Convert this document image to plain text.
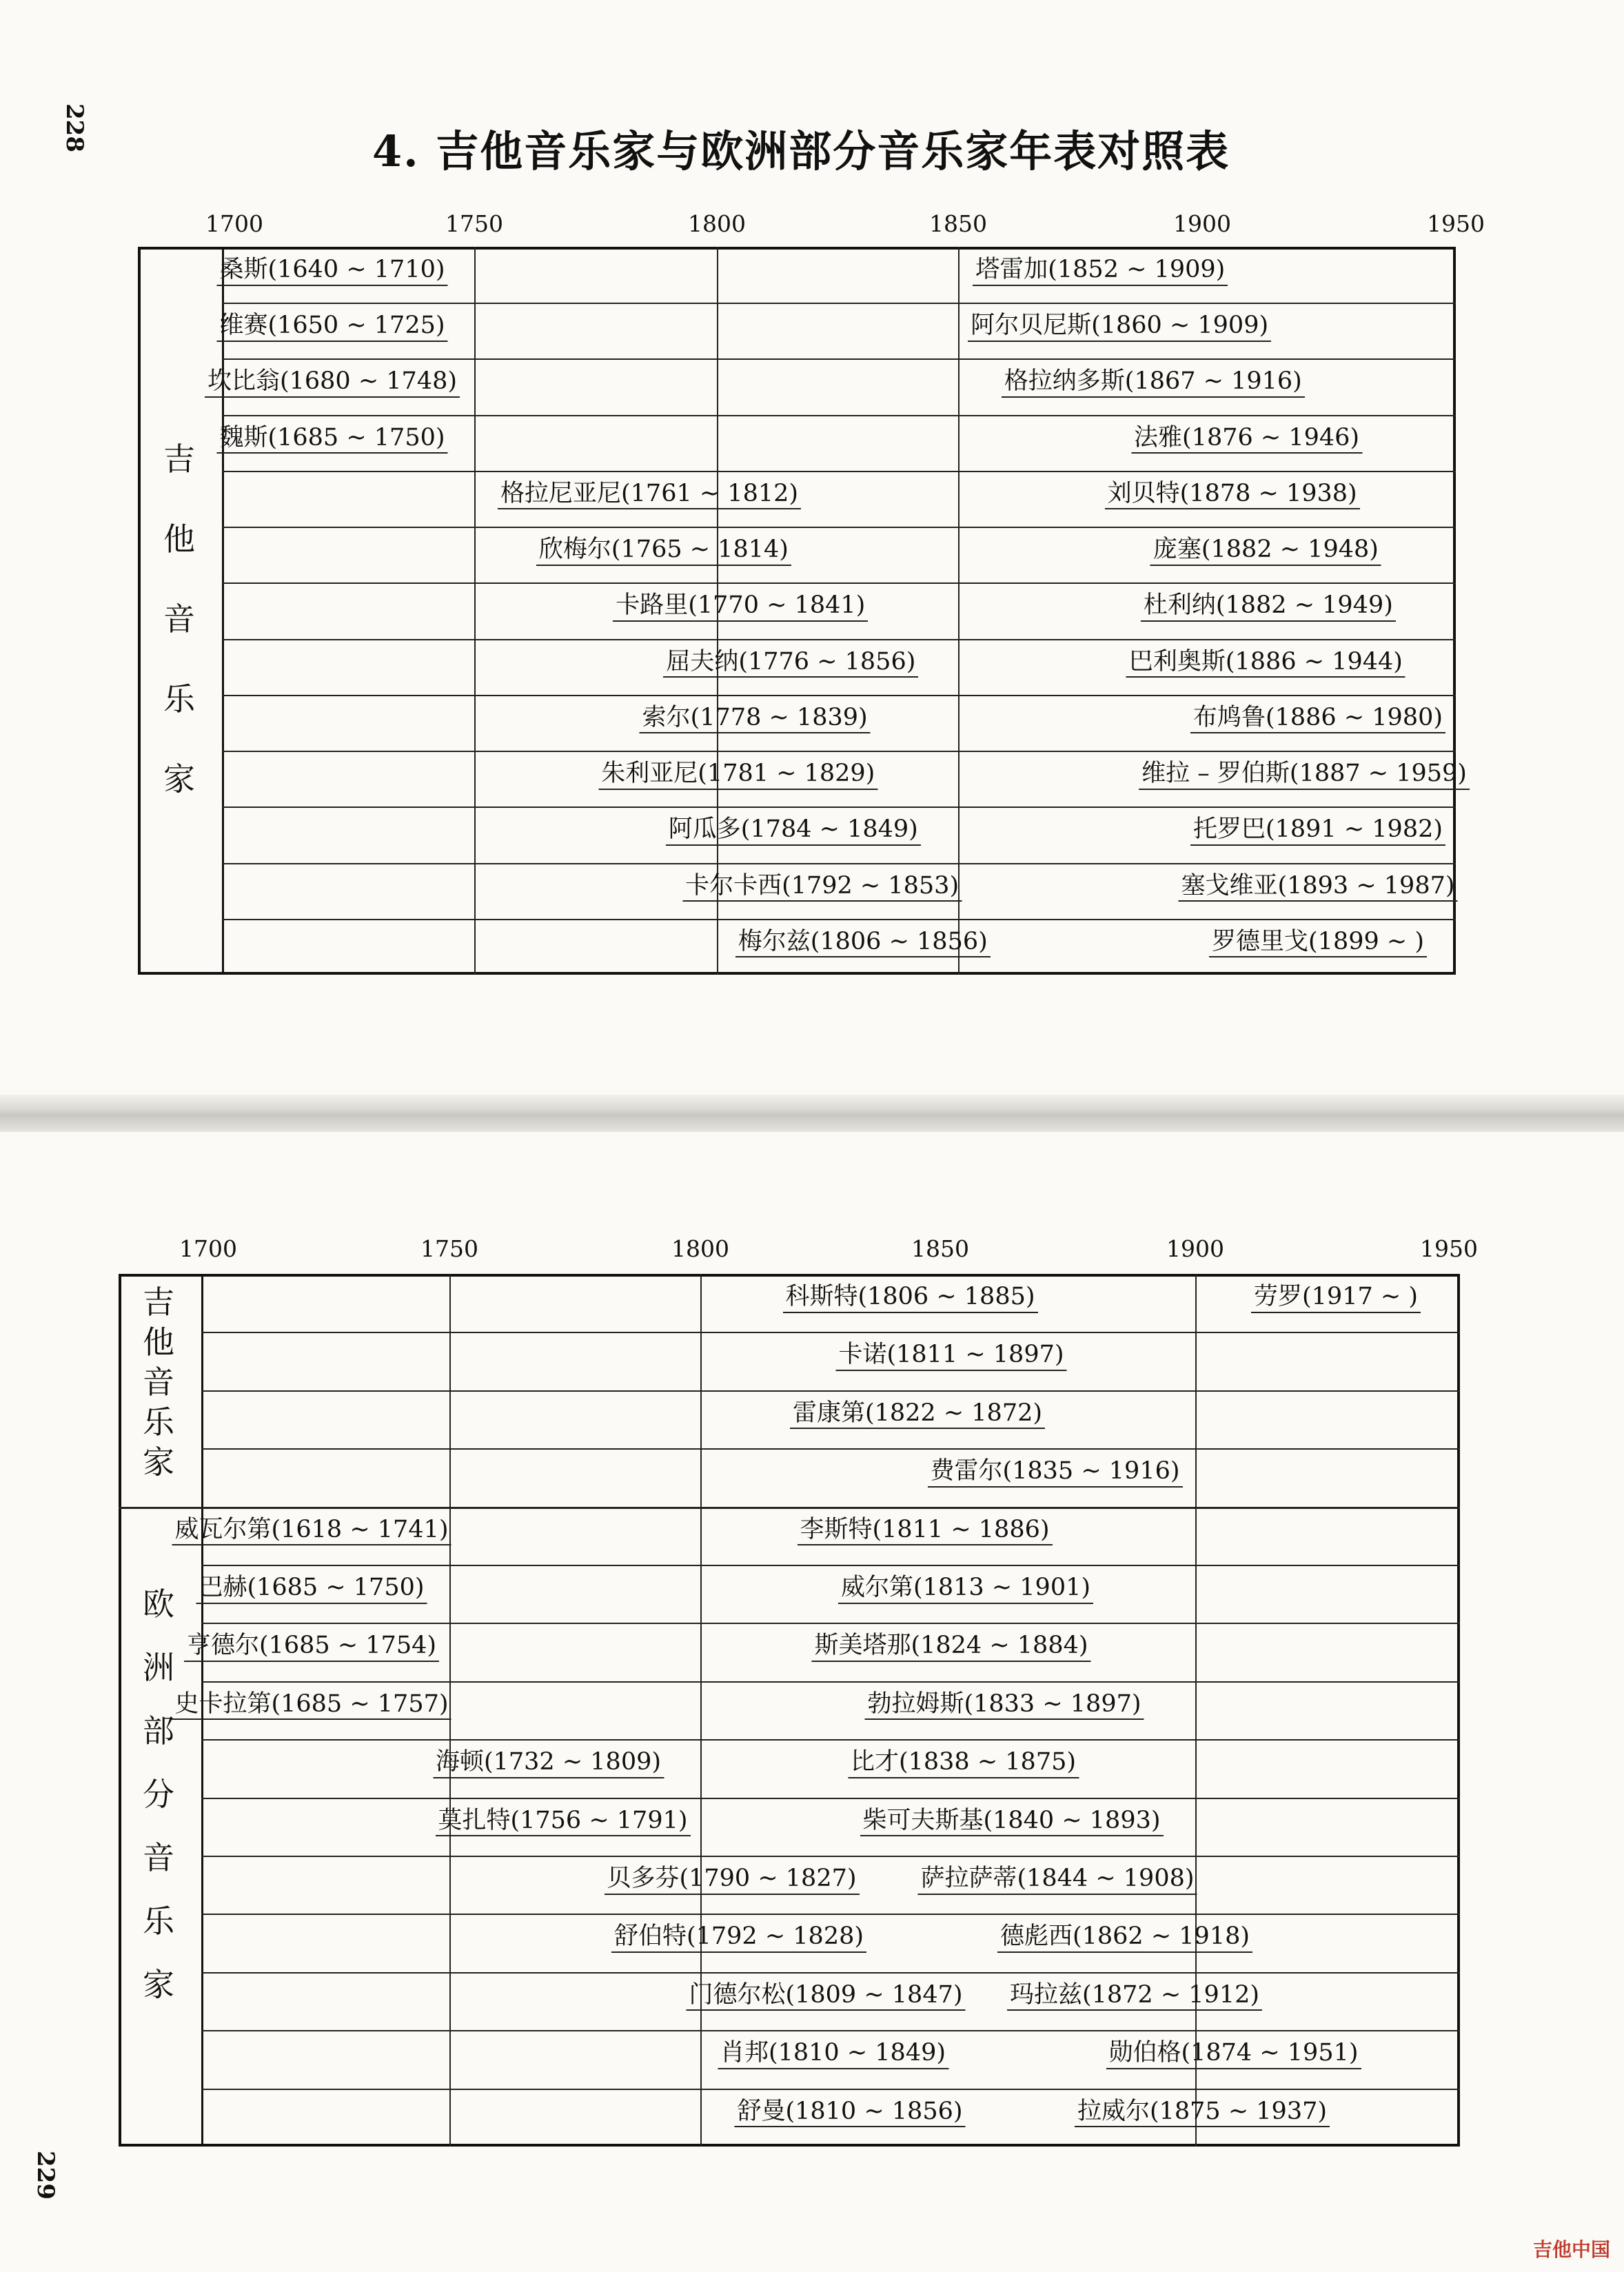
228	4. 吉他音乐家与欧洲部分音乐家年表对照表
1700	1750	1800	1850	1900	1950
吉
他
音
乐
家
桑斯(1640 ~ 1710)	塔雷加(1852 ~ 1909)
维赛(1650 ~ 1725)	阿尔贝尼斯(1860 ~ 1909)
坎比翁(1680 ~ 1748)	格拉纳多斯(1867 ~ 1916)
魏斯(1685 ~ 1750)	法雅(1876 ~ 1946)
格拉尼亚尼(1761 ~ 1812)	刘贝特(1878 ~ 1938)
欣梅尔(1765 ~ 1814)	庞塞(1882 ~ 1948)
卡路里(1770 ~ 1841)	杜利纳(1882 ~ 1949)
屈夫纳(1776 ~ 1856)	巴利奥斯(1886 ~ 1944)
索尔(1778 ~ 1839)	布鸠鲁(1886 ~ 1980)
朱利亚尼(1781 ~ 1829)	维拉 – 罗伯斯(1887 ~ 1959)
阿瓜多(1784 ~ 1849)	托罗巴(1891 ~ 1982)
卡尔卡西(1792 ~ 1853)	塞戈维亚(1893 ~ 1987)
梅尔兹(1806 ~ 1856)	罗德里戈(1899 ~ )
1700	1750	1800	1850	1900	1950
吉
他
音
乐
家
欧
洲
部
分
音
乐
家
科斯特(1806 ~ 1885)	劳罗(1917 ~ )
卡诺(1811 ~ 1897)
雷康第(1822 ~ 1872)
费雷尔(1835 ~ 1916)
威瓦尔第(1618 ~ 1741)	李斯特(1811 ~ 1886)
巴赫(1685 ~ 1750)	威尔第(1813 ~ 1901)
亨德尔(1685 ~ 1754)	斯美塔那(1824 ~ 1884)
史卡拉第(1685 ~ 1757)	勃拉姆斯(1833 ~ 1897)
海顿(1732 ~ 1809)	比才(1838 ~ 1875)
莫扎特(1756 ~ 1791)	柴可夫斯基(1840 ~ 1893)
贝多芬(1790 ~ 1827)	萨拉萨蒂(1844 ~ 1908)
舒伯特(1792 ~ 1828)	德彪西(1862 ~ 1918)
门德尔松(1809 ~ 1847) 玛拉兹(1872 ~ 1912)
肖邦(1810 ~ 1849)	勋伯格(1874 ~ 1951)
舒曼(1810 ~ 1856)	拉威尔(1875 ~ 1937)
229
吉他中国
